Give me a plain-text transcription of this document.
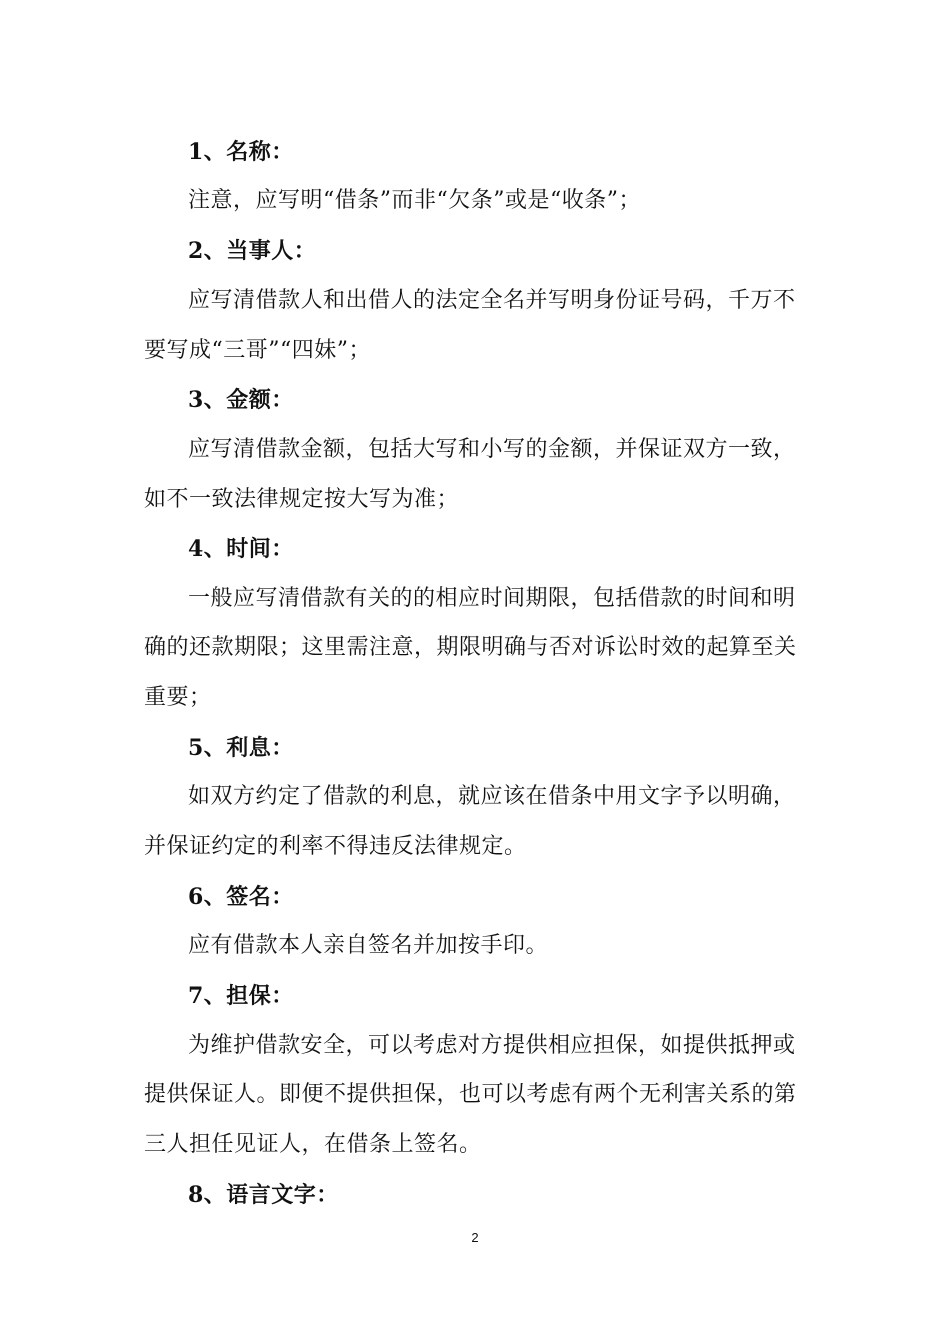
1、名称：
注意，应写明“借条”而非“欠条”或是“收条”；
2、当事人：
应写清借款人和出借人的法定全名并写明身份证号码，千万不
要写成“三哥”“四妹”；
3、金额：
应写清借款金额，包括大写和小写的金额，并保证双方一致，
如不一致法律规定按大写为准；
4、时间：
一般应写清借款有关的的相应时间期限，包括借款的时间和明
确的还款期限；这里需注意，期限明确与否对诉讼时效的起算至关
重要；
5、利息：
如双方约定了借款的利息，就应该在借条中用文字予以明确，
并保证约定的利率不得违反法律规定。
6、签名：
应有借款本人亲自签名并加按手印。
7、担保：
为维护借款安全，可以考虑对方提供相应担保，如提供抵押或
提供保证人。即便不提供担保，也可以考虑有两个无利害关系的第
三人担任见证人，在借条上签名。
8、语言文字：
2
